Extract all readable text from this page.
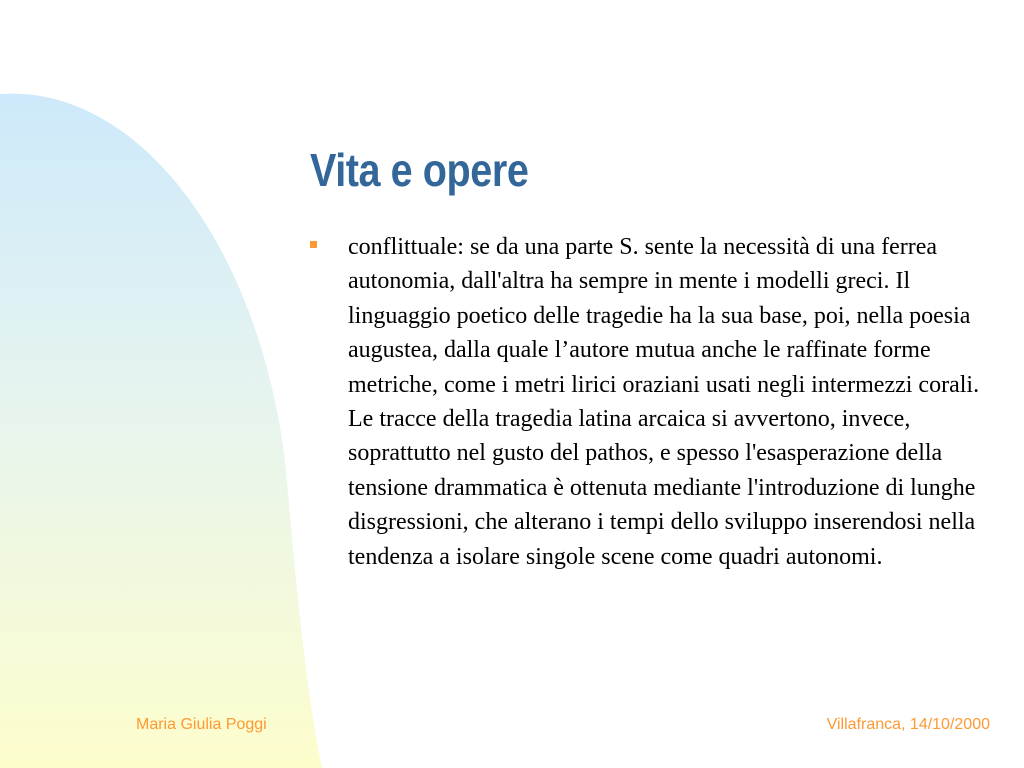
Vita e opere

conflittuale: se da una parte S. sente la necessità di una ferrea autonomia, dall'altra ha sempre in mente i modelli greci. Il linguaggio poetico delle tragedie ha la sua base, poi, nella poesia augustea, dalla quale l’autore mutua anche le raffinate forme metriche, come i metri lirici oraziani usati negli intermezzi corali. Le tracce della tragedia latina arcaica si avvertono, invece, soprattutto nel gusto del pathos, e spesso l'esasperazione della tensione drammatica è ottenuta mediante l'introduzione di lunghe disgressioni, che alterano i tempi dello sviluppo inserendosi nella tendenza a isolare singole scene come quadri autonomi.

Maria Giulia Poggi	Villafranca, 14/10/2000
